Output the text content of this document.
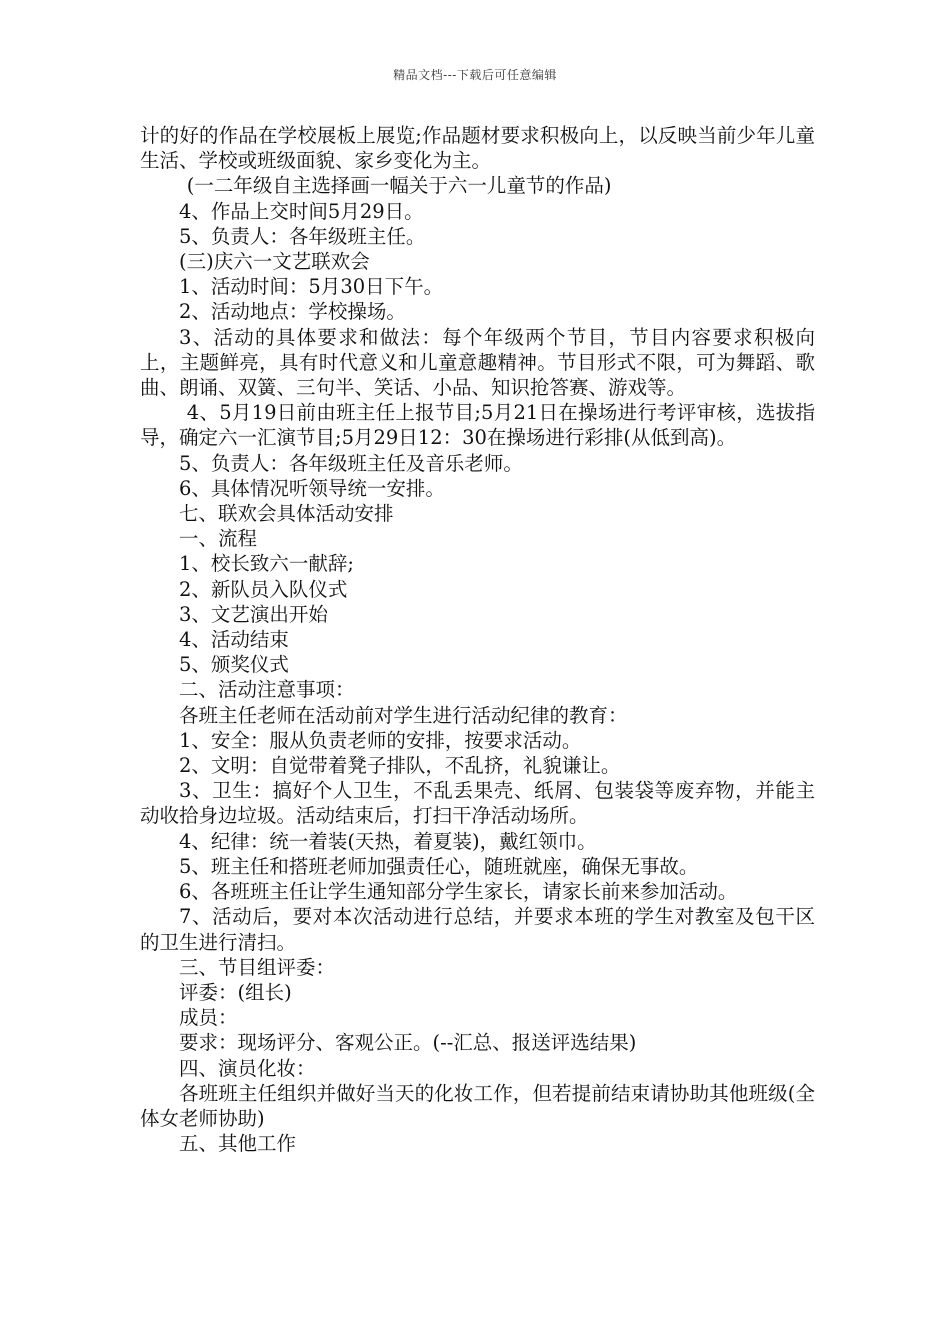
精品文档---下载后可任意编辑

计的好的作品在学校展板上展览;作品题材要求积极向上，以反映当前少年儿童生活、学校或班级面貌、家乡变化为主。

(一二年级自主选择画一幅关于六一儿童节的作品)

4、作品上交时间5月29日。

5、负责人：各年级班主任。

(三)庆六一文艺联欢会

1、活动时间：5月30日下午。

2、活动地点：学校操场。

3、活动的具体要求和做法：每个年级两个节目，节目内容要求积极向上，主题鲜亮，具有时代意义和儿童意趣精神。节目形式不限，可为舞蹈、歌曲、朗诵、双簧、三句半、笑话、小品、知识抢答赛、游戏等。

4、5月19日前由班主任上报节目;5月21日在操场进行考评审核，选拔指导，确定六一汇演节目;5月29日12：30在操场进行彩排(从低到高)。

5、负责人：各年级班主任及音乐老师。

6、具体情况听领导统一安排。

七、联欢会具体活动安排

一、流程

1、校长致六一献辞;

2、新队员入队仪式

3、文艺演出开始

4、活动结束

5、颁奖仪式

二、活动注意事项：

各班主任老师在活动前对学生进行活动纪律的教育：

1、安全：服从负责老师的安排，按要求活动。

2、文明：自觉带着凳子排队，不乱挤，礼貌谦让。

3、卫生：搞好个人卫生，不乱丢果壳、纸屑、包装袋等废弃物，并能主动收拾身边垃圾。活动结束后，打扫干净活动场所。

4、纪律：统一着装(天热，着夏装)，戴红领巾。

5、班主任和搭班老师加强责任心，随班就座，确保无事故。

6、各班班主任让学生通知部分学生家长，请家长前来参加活动。

7、活动后，要对本次活动进行总结，并要求本班的学生对教室及包干区的卫生进行清扫。

三、节目组评委：

评委：(组长)

成员：

要求：现场评分、客观公正。(--汇总、报送评选结果)

四、演员化妆：

各班班主任组织并做好当天的化妆工作，但若提前结束请协助其他班级(全体女老师协助)

五、其他工作
